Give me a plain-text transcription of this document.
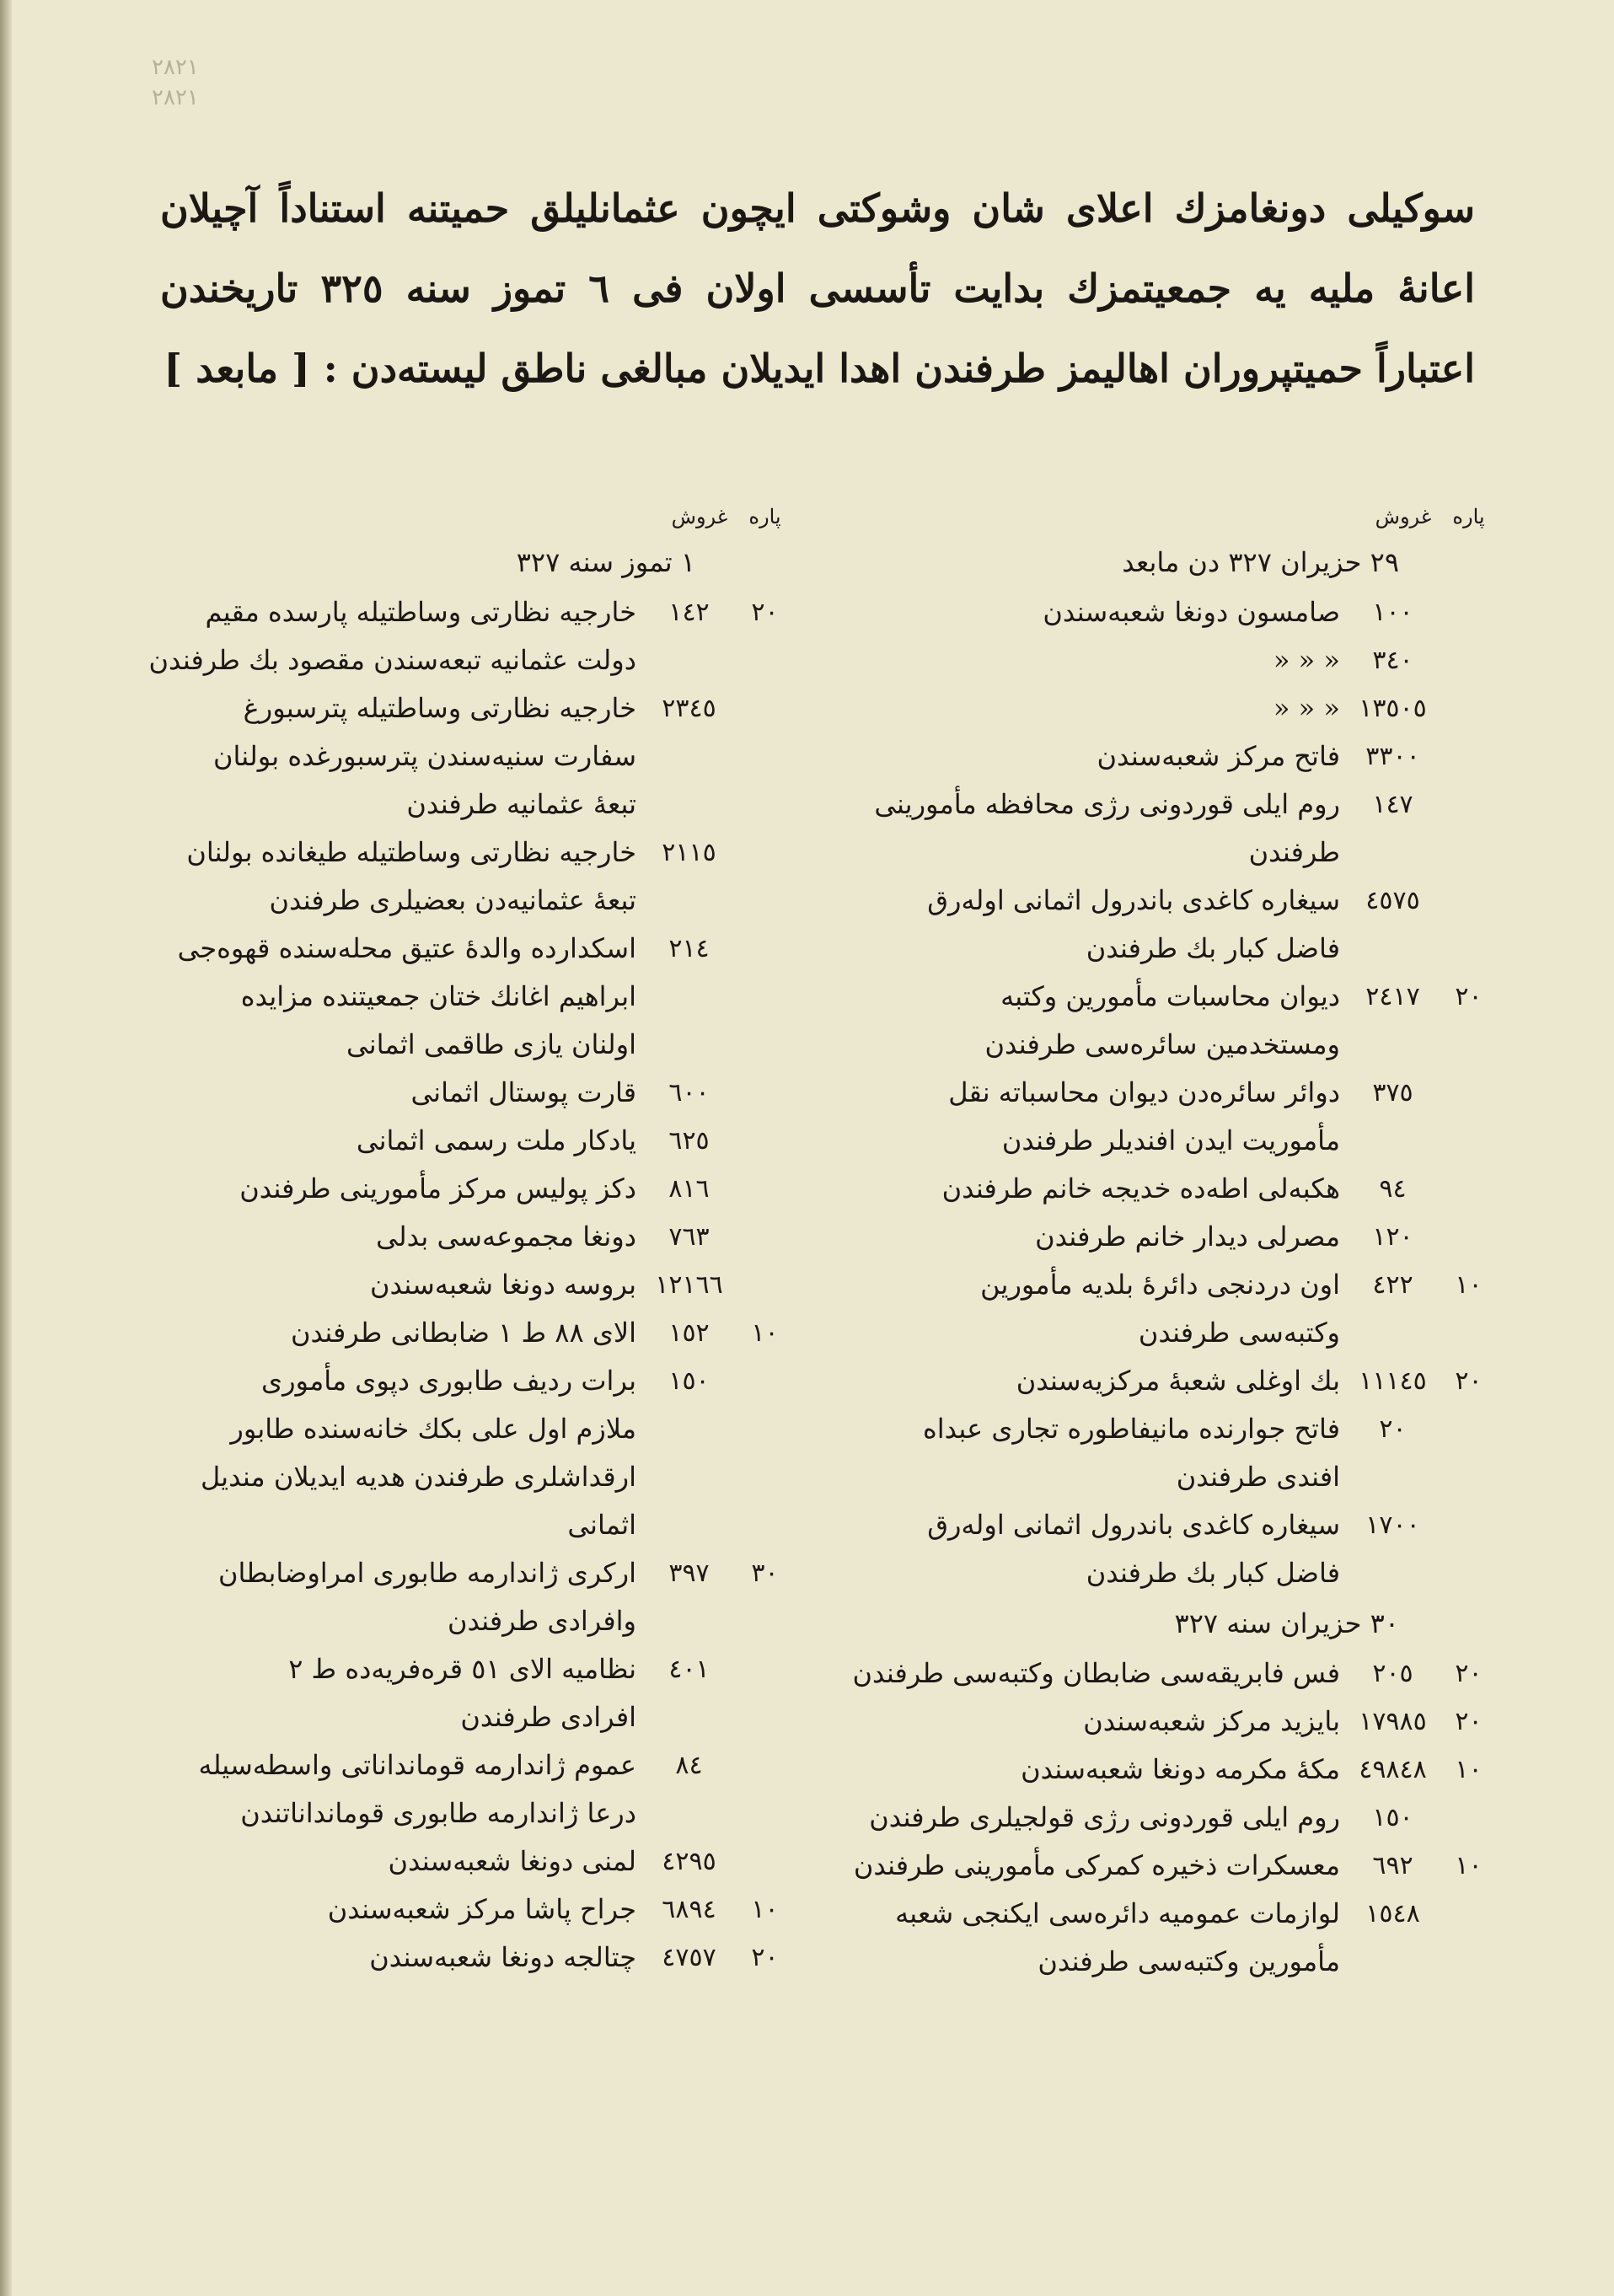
٢٨٢١
٢٨٢١
سوکیلی دونغامزك اعلای شان وشوکتی ایچون عثمانلیلق حمیتنه استناداً آچیلان اعانهٔ ملیه یه جمعیتمزك بدایت تأسسی اولان فی ٦ تموز سنه ٣٢٥ تاریخندن اعتباراً حمیتپروران اهالیمز طرفندن اهدا ایدیلان مبالغی ناطق لیسته‌دن : [ مابعد ]
پاره
غروش
٢٩ حزیران ٣٢٧ دن مابعد
١٠٠
صامسون دونغا شعبه‌سندن
٣٤٠
« « «
١٣٥٠٥
« « «
٣٣٠٠
فاتح مرکز شعبه‌سندن
١٤٧
روم ایلی قوردونی رژی محافظه مأمورینی
طرفندن
٤٥٧٥
سیغاره کاغدی باندرول اثمانی اوله‌رق
فاضل کبار بك طرفندن
٢٠
٢٤١٧
دیوان محاسبات مأمورین وکتبه
ومستخدمین سائره‌سی طرفندن
٣٧٥
دوائر سائره‌دن دیوان محاسباته نقل
مأموریت ایدن افندیلر طرفندن
٩٤
هکبه‌لی اطه‌ده خدیجه خانم طرفندن
١٢٠
مصرلی دیدار خانم طرفندن
١٠
٤٢٢
اون دردنجی دائرهٔ بلدیه مأمورین
وکتبه‌سی طرفندن
٢٠
١١١٤٥
بك اوغلی شعبهٔ مرکزیه‌سندن
٢٠
فاتح جوارنده مانیفاطوره تجاری عبداه
افندی طرفندن
١٧٠٠
سیغاره کاغدی باندرول اثمانی اوله‌رق
فاضل کبار بك طرفندن
٣٠ حزیران سنه ٣٢٧
٢٠
٢٠٥
فس فابریقه‌سی ضابطان وکتبه‌سی طرفندن
٢٠
١٧٩٨٥
بایزید مرکز شعبه‌سندن
١٠
٤٩٨٤٨
مکهٔ مکرمه دونغا شعبه‌سندن
١٥٠
روم ایلی قوردونی رژی قولجیلری طرفندن
١٠
٦٩٢
معسکرات ذخیره کمرکی مأمورینی طرفندن
١٥٤٨
لوازمات عمومیه دائره‌سی ایکنجی شعبه
مأمورین وکتبه‌سی طرفندن
پاره
غروش
١ تموز سنه ٣٢٧
٢٠
١٤٢
خارجیه نظارتی وساطتیله پارسده مقیم
دولت عثمانیه تبعه‌سندن مقصود بك طرفندن
٢٣٤٥
خارجیه نظارتی وساطتیله پترسبورغ
سفارت سنیه‌سندن پترسبورغده بولنان
تبعهٔ عثمانیه طرفندن
٢١١٥
خارجیه نظارتی وساطتیله طیغانده بولنان
تبعهٔ عثمانیه‌دن بعضیلری طرفندن
٢١٤
اسکدارده والدهٔ عتیق محله‌سنده قهوه‌جی
ابراهیم اغانك ختان جمعیتنده مزایده
اولنان یازی طاقمی اثمانی
٦٠٠
قارت پوستال اثمانی
٦٢٥
یادکار ملت رسمی اثمانی
٨١٦
دکز پولیس مرکز مأمورینی طرفندن
٧٦٣
دونغا مجموعه‌سی بدلی
١٢١٦٦
بروسه دونغا شعبه‌سندن
١٠
١٥٢
الای ٨٨ ط ١ ضابطانی طرفندن
١٥٠
برات ردیف طابوری دپوی مأموری
ملازم اول علی بکك خانه‌سنده طابور
ارقداشلری طرفندن هدیه ایدیلان مندیل
اثمانی
٣٠
٣٩٧
ارکری ژاندارمه طابوری امراوضابطان
وافرادی طرفندن
٤٠١
نظامیه الای ٥١ قره‌فریه‌ده ط ٢
افرادی طرفندن
٨٤
عموم ژاندارمه قومانداناتی واسطه‌سیله
درعا ژاندارمه طابوری قومانداناتندن
٤٢٩٥
لمنی دونغا شعبه‌سندن
١٠
٦٨٩٤
جراح پاشا مرکز شعبه‌سندن
٢٠
٤٧٥٧
چتالجه دونغا شعبه‌سندن
